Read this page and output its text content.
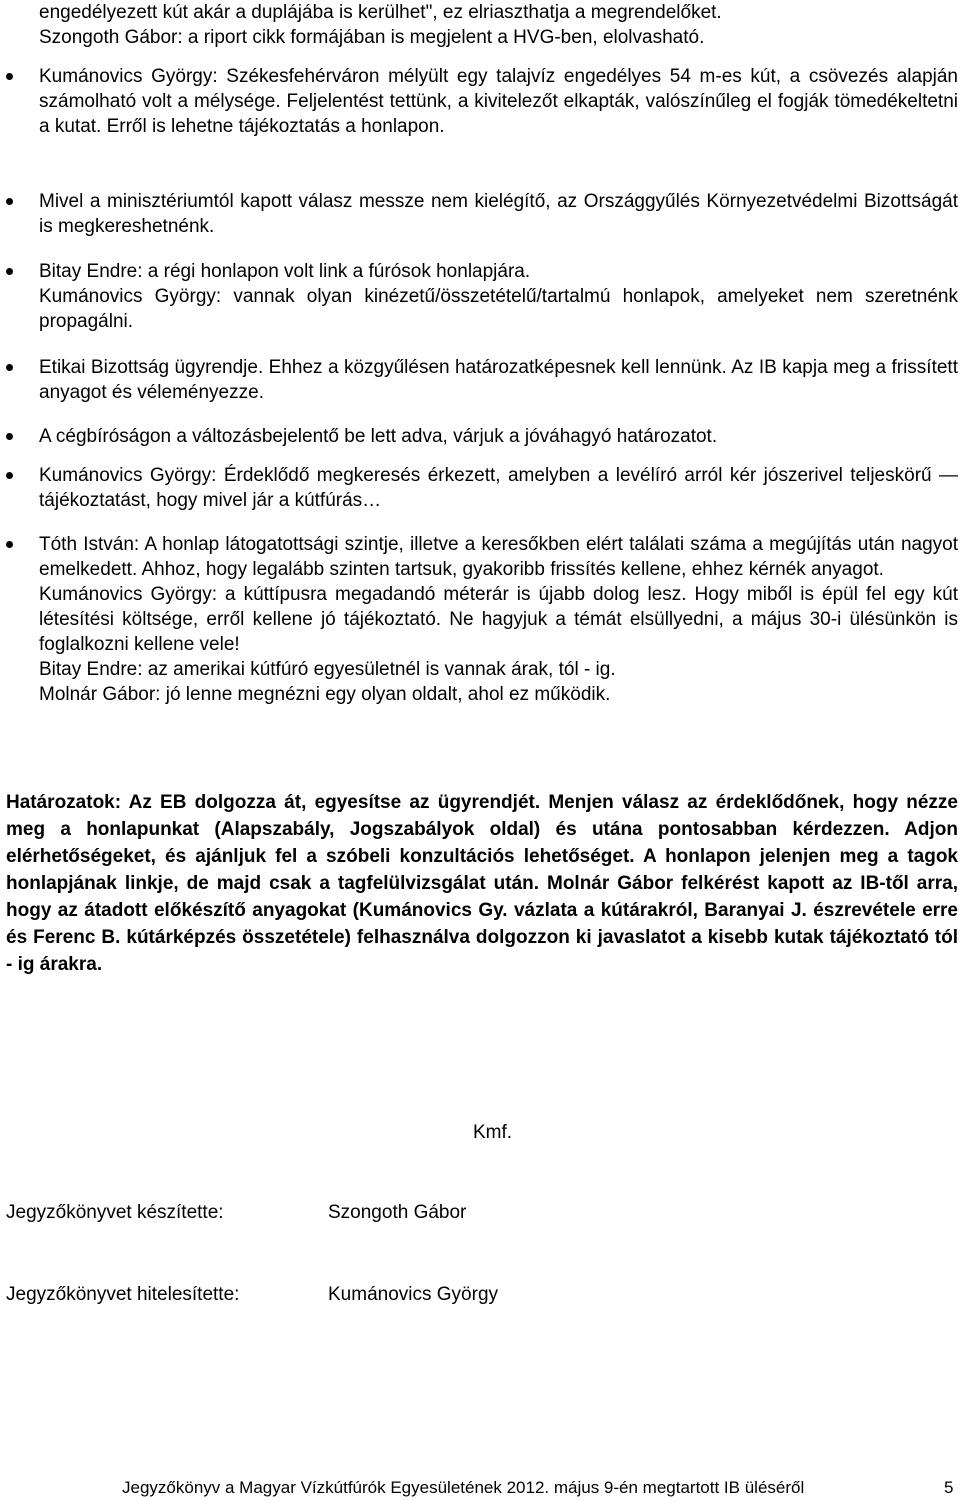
engedélyezett kút akár a duplájába is kerülhet", ez elriaszthatja a megrendelőket.

Szongoth Gábor: a riport cikk formájában is megjelent a HVG-ben, elolvasható.

Kumánovics György: Székesfehérváron mélyült egy talajvíz engedélyes 54 m-es kút, a csövezés alapján számolható volt a mélysége. Feljelentést tettünk, a kivitelezőt elkapták, valószínűleg el fogják tömedékeltetni a kutat. Erről is lehetne tájékoztatás a honlapon.

Mivel a minisztériumtól kapott válasz messze nem kielégítő, az Országgyűlés Környezetvédelmi Bizottságát is megkereshetnénk.

Bitay Endre: a régi honlapon volt link a fúrósok honlapjára.

Kumánovics György: vannak olyan kinézetű/összetételű/tartalmú honlapok, amelyeket nem szeretnénk propagálni.

Etikai Bizottság ügyrendje. Ehhez a közgyűlésen határozatképesnek kell lennünk. Az IB kapja meg a frissített anyagot és véleményezze.

A cégbíróságon a változásbejelentő be lett adva, várjuk a jóváhagyó határozatot.

Kumánovics György: Érdeklődő megkeresés érkezett, amelyben a levélíró arról kér jószerivel teljeskörű — tájékoztatást, hogy mivel jár a kútfúrás…

Tóth István: A honlap látogatottsági szintje, illetve a keresőkben elért találati száma a megújítás után nagyot emelkedett. Ahhoz, hogy legalább szinten tartsuk, gyakoribb frissítés kellene, ehhez kérnék anyagot.

Kumánovics György: a kúttípusra megadandó méterár is újabb dolog lesz. Hogy miből is épül fel egy kút létesítési költsége, erről kellene jó tájékoztató. Ne hagyjuk a témát elsüllyedni, a május 30-i ülésünkön is foglalkozni kellene vele!

Bitay Endre: az amerikai kútfúró egyesületnél is vannak árak, tól - ig.

Molnár Gábor: jó lenne megnézni egy olyan oldalt, ahol ez működik.

Határozatok: Az EB dolgozza át, egyesítse az ügyrendjét. Menjen válasz az érdeklődőnek, hogy nézze meg a honlapunkat (Alapszabály, Jogszabályok oldal) és utána pontosabban kérdezzen. Adjon elérhetőségeket, és ajánljuk fel a szóbeli konzultációs lehetőséget. A honlapon jelenjen meg a tagok honlapjának linkje, de majd csak a tagfelülvizsgálat után. Molnár Gábor felkérést kapott az IB-től arra, hogy az átadott előkészítő anyagokat (Kumánovics Gy. vázlata a kútárakról, Baranyai J. észrevétele erre és Ferenc B. kútárképzés összetétele) felhasználva dolgozzon ki javaslatot a kisebb kutak tájékoztató tól - ig árakra.
Kmf.
Jegyzőkönyvet készítette:	Szongoth Gábor
Jegyzőkönyvet hitelesítette:	Kumánovics György
Jegyzőkönyv a Magyar Vízkútfúrók Egyesületének 2012. május 9-én megtartott IB üléséről	5
